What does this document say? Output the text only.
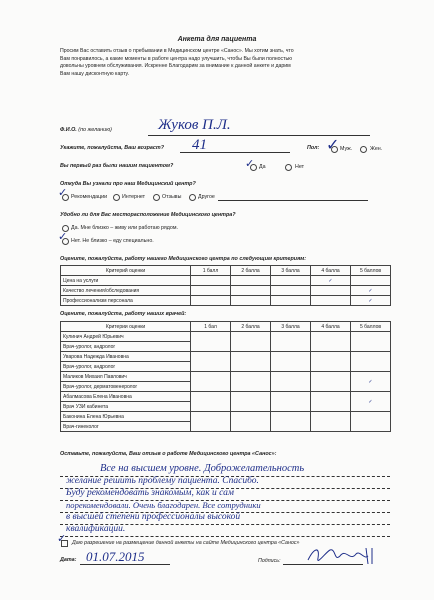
Анкета для пациента
Просим Вас оставить отзыв о пребывании в Медицинском центре «Санос». Мы хотим знать, что
Вам понравилось, а какие моменты в работе центра надо улучшить, чтобы Вы были полностью
довольны уровнем обслуживания. Искренне Благодарим за внимание к данной анкете и дарим
Вам нашу дисконтную карту.
Ф.И.О. (по желанию)	Жуков П.Л.
Укажите, пожалуйста, Ваш возраст? 41	Пол: ✓ Муж.	Жен.
Вы первый раз были нашим пациентом?	✓ Да	Нет
Откуда Вы узнали про наш Медицинский центр?
✓ Рекомендации	Интернет	Отзывы	Другое
Удобно ли для Вас месторасположение Медицинского центра?
Да. Мне близко – живу или работаю рядом.
✓ Нет. Не близко – еду специально.
Оцените, пожалуйста, работу нашего Медицинского центра по следующим критериям:
Критерий оценки	1 балл	2 балла	3 балла	4 балла	5 баллов
Цена на услуги				✓	
Качество лечения/обследования					✓
Профессионализм персонала					✓
Оцените, пожалуйста, работу наших врачей:
Критерии оценки	1 бал	2 балла	3 балла	4 балла	5 баллов
Кулинич Андрей Юрьевич					
Врач-уролог, андролог					
Уварова Надежда Ивановна					
Врач-уролог, андролог					
Маликов Михаил Павлович					✓
Врач-уролог, дерматовенеролог					
Абалмасова Елена Ивановна					✓
Врач УЗИ кабинета					
Баконина Елена Юрьевна					
Врач-гинеколог					
Оставьте, пожалуйста, Ваш отзыв о работе Медицинского центра «Санос»:
Все на высшем уровне. Доброжелательность
желание решить проблему пациента. Спасибо.
Буду рекомендовать знакомым, как и сам
порекомендовали. Очень благодарен. Все сотрудники
в высшей степени профессионалы высокой
квалификации.
✓ Даю разрешение на размещение данной анкеты на сайте Медицинского центра «Санос»
Дата: 01.07.2015	Подпись:
